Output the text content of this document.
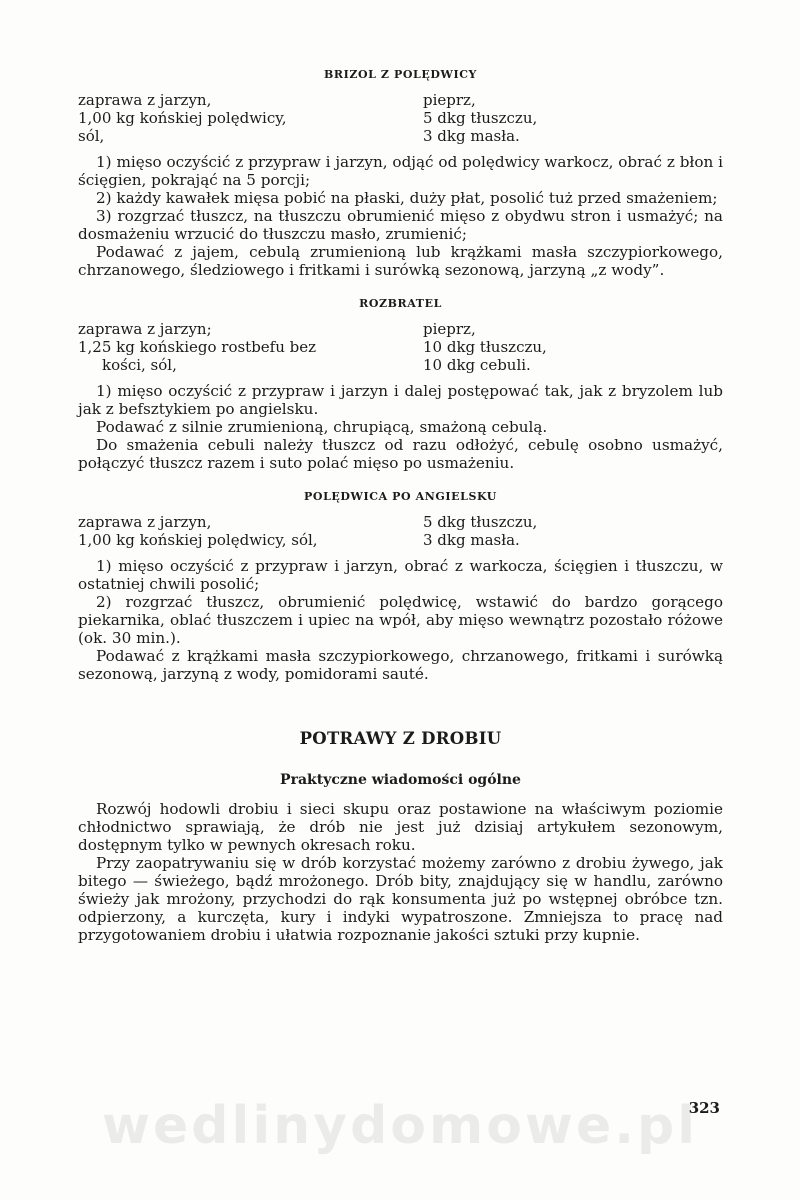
BRIZOL Z POLĘDWICY
zaprawa z jarzyn,
1,00 kg końskiej polędwicy,
sól,
pieprz,
5 dkg tłuszczu,
3 dkg masła.

1) mięso oczyścić z przypraw i jarzyn, odjąć od polędwicy warkocz, obrać z błon i ścięgien, pokrająć na 5 porcji;

2) każdy kawałek mięsa pobić na płaski, duży płat, posolić tuż przed smażeniem;

3) rozgrzać tłuszcz, na tłuszczu obrumienić mięso z obydwu stron i usmażyć; na dosmażeniu wrzucić do tłuszczu masło, zrumienić;

Podawać z jajem, cebulą zrumienioną lub krążkami masła szczypiorkowego, chrzanowego, śledziowego i fritkami i surówką sezonową, jarzyną „z wody”.

ROZBRATEL
zaprawa z jarzyn;
1,25 kg końskiego rostbefu bez
kości, sól,
pieprz,
10 dkg tłuszczu,
10 dkg cebuli.

1) mięso oczyścić z przypraw i jarzyn i dalej postępować tak, jak z bryzolem lub jak z befsztykiem po angielsku.

Podawać z silnie zrumienioną, chrupiącą, smażoną cebulą.

Do smażenia cebuli należy tłuszcz od razu odłożyć, cebulę osobno usmażyć, połączyć tłuszcz razem i suto polać mięso po usmażeniu.

POLĘDWICA PO ANGIELSKU
zaprawa z jarzyn,
1,00 kg końskiej polędwicy, sól,
5 dkg tłuszczu,
3 dkg masła.

1) mięso oczyścić z przypraw i jarzyn, obrać z warkocza, ścięgien i tłuszczu, w ostatniej chwili posolić;

2) rozgrzać tłuszcz, obrumienić polędwicę, wstawić do bardzo gorącego piekarnika, oblać tłuszczem i upiec na wpół, aby mięso wewnątrz pozostało różowe (ok. 30 min.).

Podawać z krążkami masła szczypiorkowego, chrzanowego, fritkami i surówką sezonową, jarzyną z wody, pomidorami sauté.

POTRAWY Z DROBIU
Praktyczne wiadomości ogólne

Rozwój hodowli drobiu i sieci skupu oraz postawione na właściwym poziomie chłodnictwo sprawiają, że drób nie jest już dzisiaj artykułem sezonowym, dostępnym tylko w pewnych okresach roku.

Przy zaopatrywaniu się w drób korzystać możemy zarówno z drobiu żywego, jak bitego — świeżego, bądź mrożonego. Drób bity, znajdujący się w handlu, zarówno świeży jak mrożony, przychodzi do rąk konsumenta już po wstępnej obróbce tzn. odpierzony, a kurczęta, kury i indyki wypatroszone. Zmniejsza to pracę nad przygotowaniem drobiu i ułatwia rozpoznanie jakości sztuki przy kupnie.

323
wedlinydomowe.pl
